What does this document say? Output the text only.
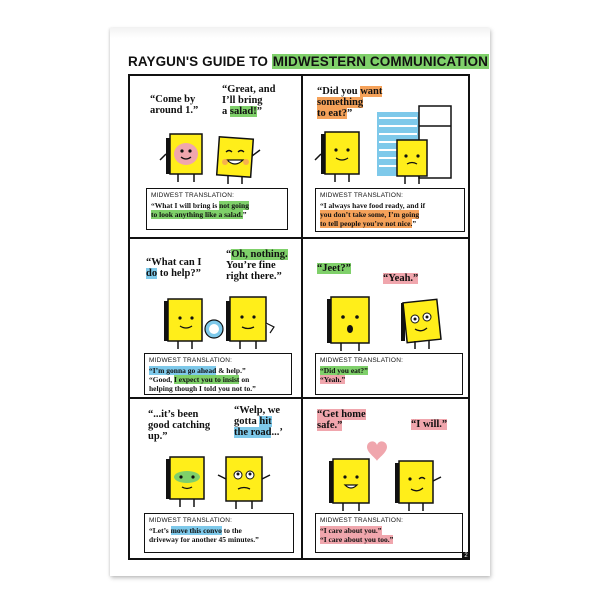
RAYGUN'S GUIDE TO MIDWESTERN COMMUNICATION
“Come by
around 1.”
“Great, and
I’ll bring
a salad!”
MIDWEST TRANSLATION:
“What I will bring is not going
to look anything like a salad.”
“Did you want
something
to eat?”
MIDWEST TRANSLATION:
“I always have food ready, and if
you don’t take some, I’m going
to tell people you’re not nice.”
“What can I
do to help?”
“Oh, nothing.
You’re fine
right there.”
MIDWEST TRANSLATION:
“I’m gonna go ahead & help.”
“Good, I expect you to insist on
helping though I told you not to.”
“Jeet?”
“Yeah.”
MIDWEST TRANSLATION:
“Did you eat?”
“Yeah.”
“...it’s been
good catching
up.”
“Welp, we
gotta hit
the road...’
MIDWEST TRANSLATION:
“Let’s move this convo to the
driveway for another 45 minutes.”
“Get home
safe.”	“I will.”
MIDWEST TRANSLATION:
“I care about you.”
“I care about you too.”
2
